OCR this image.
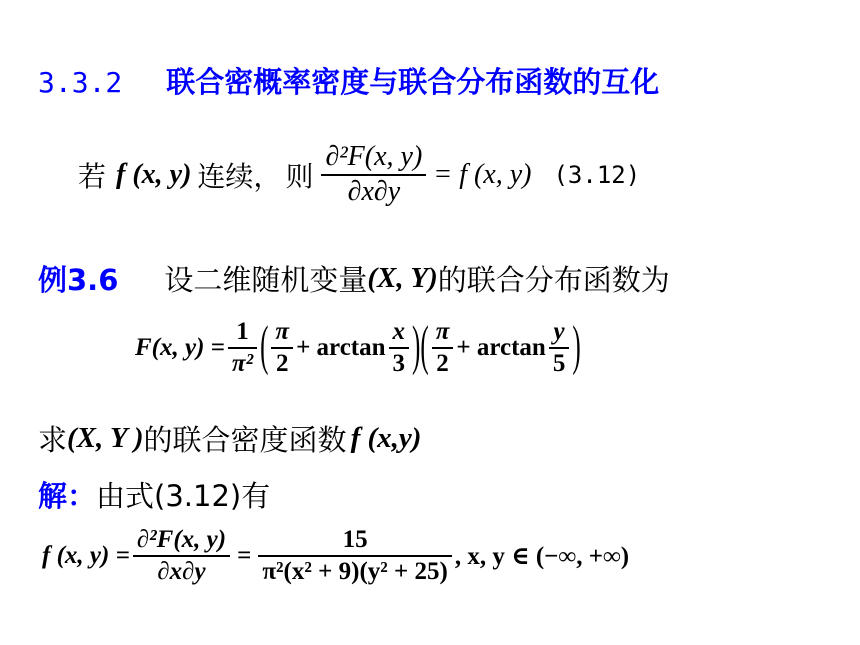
3.3.2 联合密概率密度与联合分布函数的互化
若 f (x, y) 连续， 则 $\frac{\text{∂²F(x, y)}}{\partial x\partial y} = f$ (x, y) (3.12)
例3.6 设二维随机变量 (X, Y) 的联合分布函数为
F(x, $y) = \frac{1}{\text{π²}}$ ( $\frac{\pi}{2} + \arctan \frac{x}{3}$ ) ( $\frac{\pi}{2} + \arctan \frac{y}{5}$ )
求 (X, Y ) 的联合密度函数 f (x,y)
解： 由式(3.12)有
f (x, $y) = \frac{\text{∂²F(x, y)}}{\partial x\partial y} = \frac{15}{\text{π²(x² + 9)(y² + 25)}}$ , x, y ∈ (−∞, +∞)
